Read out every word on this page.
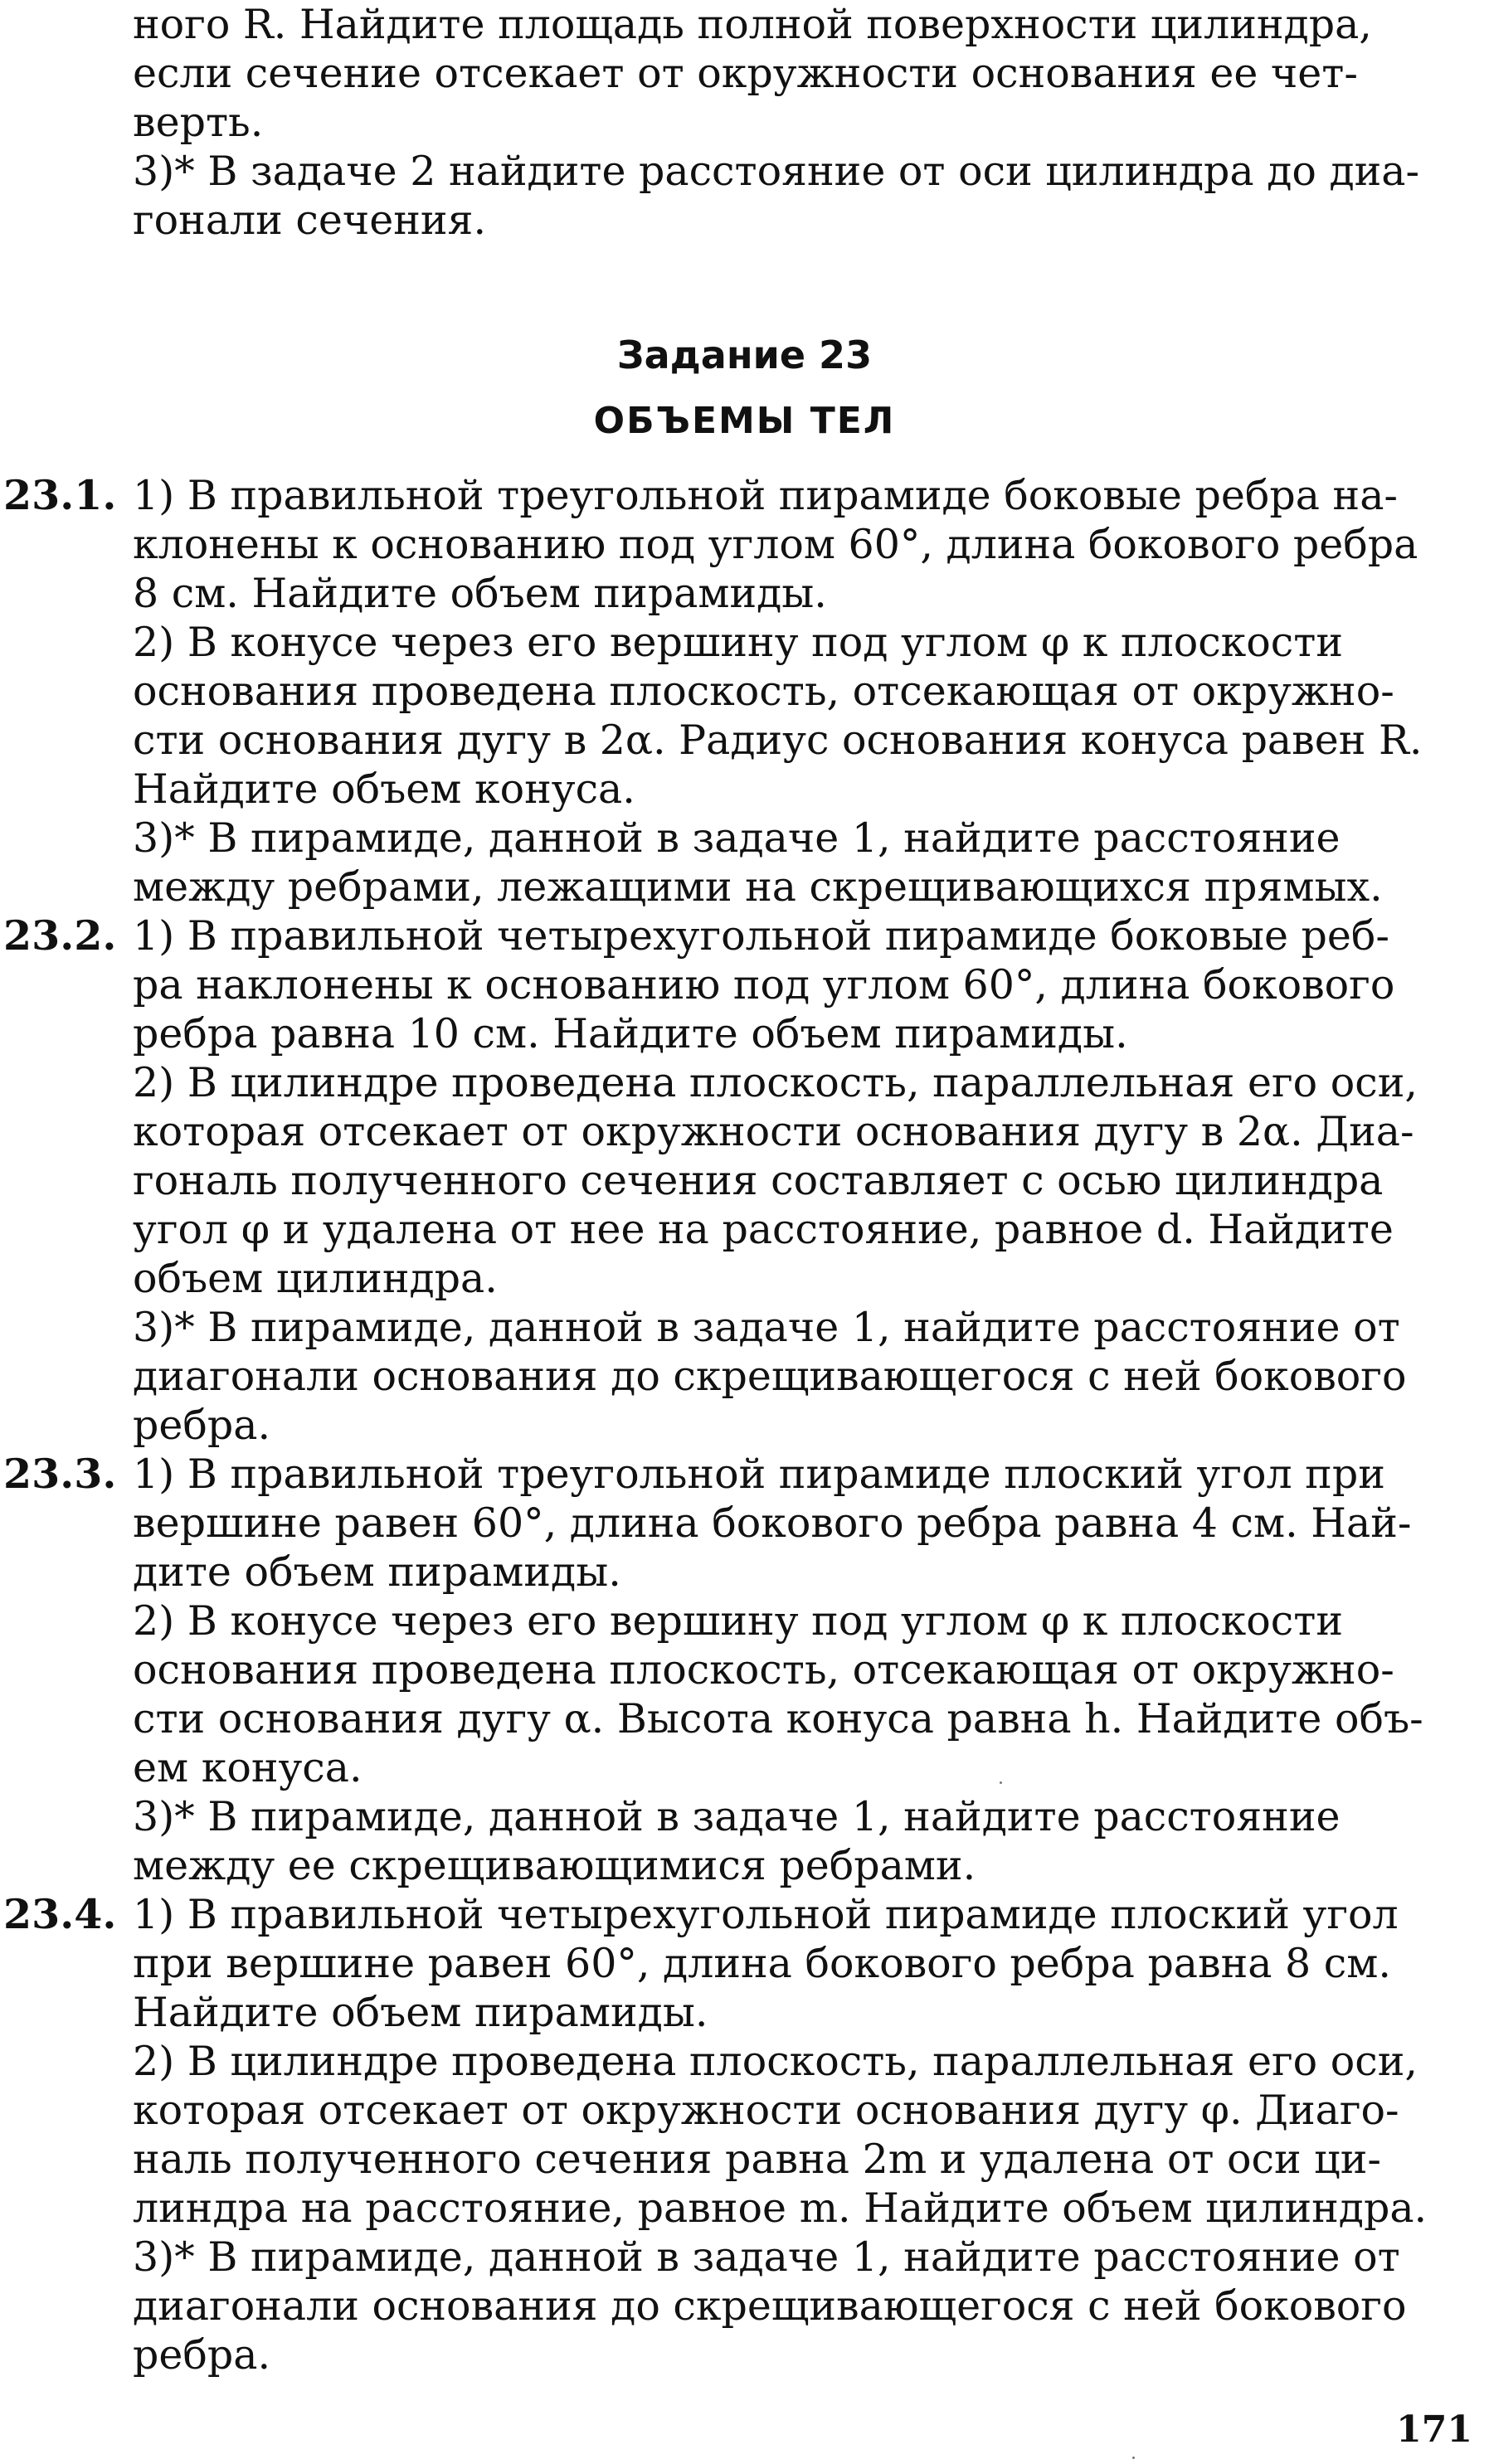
ного R. Найдите площадь полной поверхности цилиндра,

если сечение отсекает от окружности основания ее чет-

верть.

3)* В задаче 2 найдите расстояние от оси цилиндра до диа-

гонали сечения.

Задание 23
ОБЪЕМЫ ТЕЛ
23.1. 1) В правильной треугольной пирамиде боковые ребра на-

клонены к основанию под углом 60°, длина бокового ребра

8 см. Найдите объем пирамиды.

2) В конусе через его вершину под углом φ к плоскости

основания проведена плоскость, отсекающая от окружно-

сти основания дугу в 2α. Радиус основания конуса равен R.

Найдите объем конуса.

3)* В пирамиде, данной в задаче 1, найдите расстояние

между ребрами, лежащими на скрещивающихся прямых.

23.2. 1) В правильной четырехугольной пирамиде боковые реб-

ра наклонены к основанию под углом 60°, длина бокового

ребра равна 10 см. Найдите объем пирамиды.

2) В цилиндре проведена плоскость, параллельная его оси,

которая отсекает от окружности основания дугу в 2α. Диа-

гональ полученного сечения составляет с осью цилиндра

угол φ и удалена от нее на расстояние, равное d. Найдите

объем цилиндра.

3)* В пирамиде, данной в задаче 1, найдите расстояние от

диагонали основания до скрещивающегося с ней бокового

ребра.

23.3. 1) В правильной треугольной пирамиде плоский угол при

вершине равен 60°, длина бокового ребра равна 4 см. Най-

дите объем пирамиды.

2) В конусе через его вершину под углом φ к плоскости

основания проведена плоскость, отсекающая от окружно-

сти основания дугу α. Высота конуса равна h. Найдите объ-

ем конуса.

3)* В пирамиде, данной в задаче 1, найдите расстояние

между ее скрещивающимися ребрами.

23.4. 1) В правильной четырехугольной пирамиде плоский угол

при вершине равен 60°, длина бокового ребра равна 8 см.

Найдите объем пирамиды.

2) В цилиндре проведена плоскость, параллельная его оси,

которая отсекает от окружности основания дугу φ. Диаго-

наль полученного сечения равна 2m и удалена от оси ци-

линдра на расстояние, равное m. Найдите объем цилиндра.

3)* В пирамиде, данной в задаче 1, найдите расстояние от

диагонали основания до скрещивающегося с ней бокового

ребра.

171
